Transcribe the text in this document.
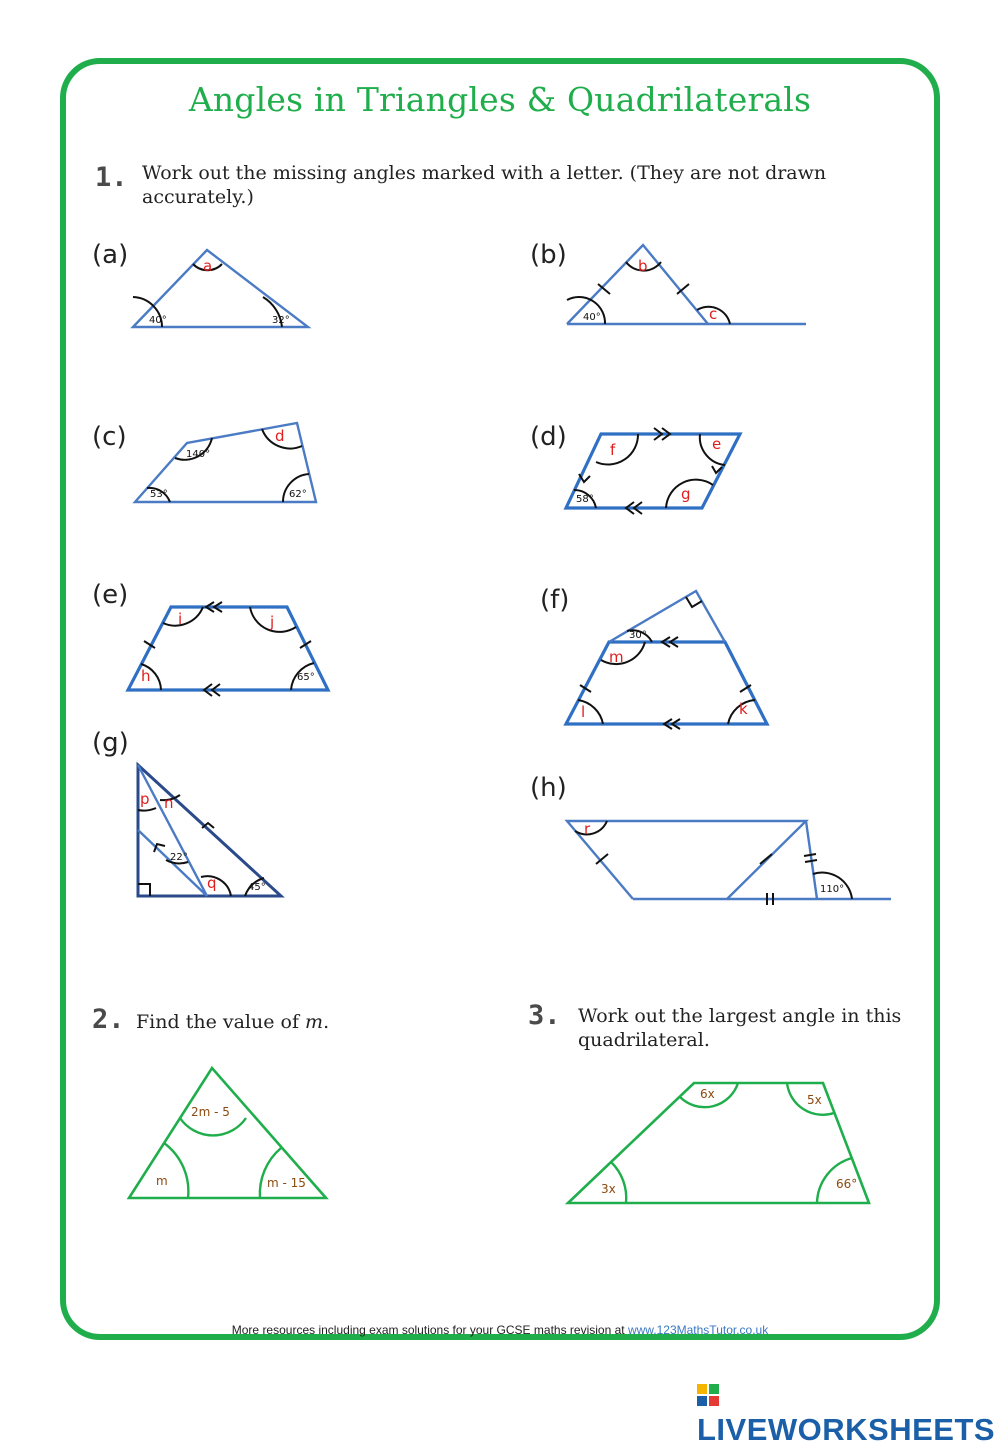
Angles in Triangles & Quadrilaterals
1. Work out the missing angles marked with a letter. (They are not drawn
accurately.)
(a)	(b)
(c)	(d)
(e)	(f)
(g)
(h)
2. Find the value of m.	3. Work out the largest angle in this
quadrilateral.
40°	32°
a
40°
b
c
53°
140°
62°
d
58°
f	e
g
65°
i	j
h
30°
m
l	k
22°
45°
p n
q	110°
r
2m - 5
m	m - 15
6x	5x
3x	66°
More resources including exam solutions for your GCSE maths revision at www.123MathsTutor.co.uk
LIVEWORKSHEETS
